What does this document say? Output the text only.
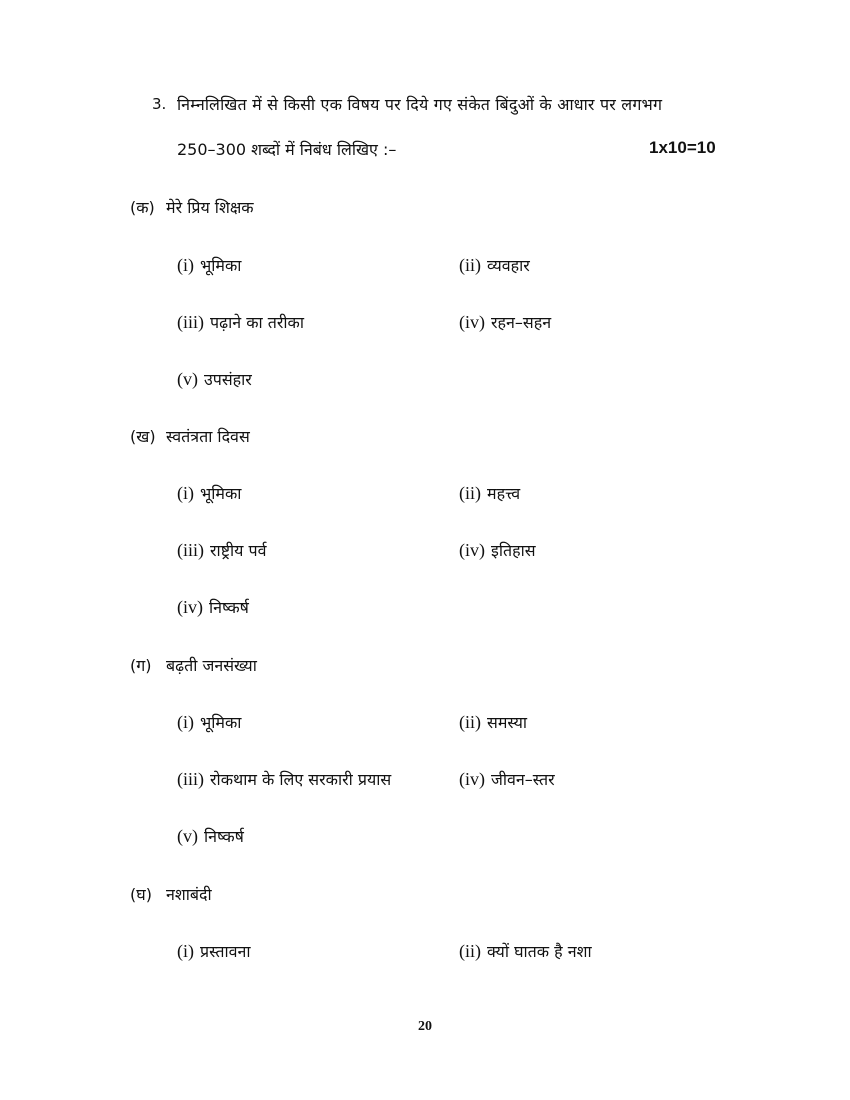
3. निम्नलिखित में से किसी एक विषय पर दिये गए संकेत बिंदुओं के आधार पर लगभग
250–300 शब्दों में निबंध लिखिए :–	1x10=10
(क) मेरे प्रिय शिक्षक
(i) भूमिका	(ii) व्यवहार
(iii) पढ़ाने का तरीका	(iv) रहन–सहन
(v) उपसंहार
(ख) स्वतंत्रता दिवस
(i) भूमिका	(ii) महत्त्व
(iii) राष्ट्रीय पर्व	(iv) इतिहास
(iv) निष्कर्ष
(ग) बढ़ती जनसंख्या
(i) भूमिका	(ii) समस्या
(iii) रोकथाम के लिए सरकारी प्रयास	(iv) जीवन–स्तर
(v) निष्कर्ष
(घ) नशाबंदी
(i) प्रस्तावना	(ii) क्यों घातक है नशा
20
